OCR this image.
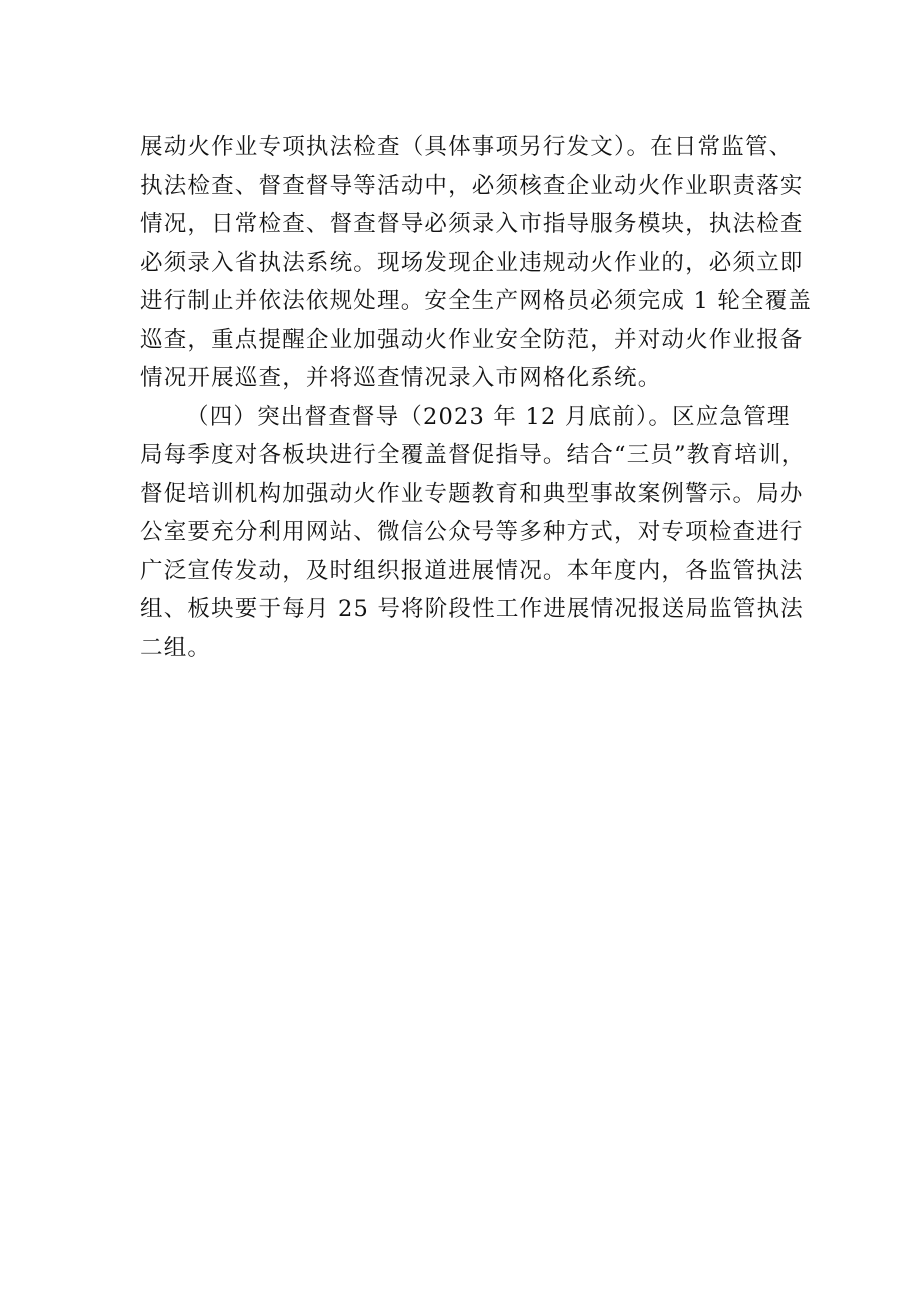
展动火作业专项执法检查（具体事项另行发文）。在日常监管、
执法检查、督查督导等活动中，必须核查企业动火作业职责落实
情况，日常检查、督查督导必须录入市指导服务模块，执法检查
必须录入省执法系统。现场发现企业违规动火作业的，必须立即
进行制止并依法依规处理。安全生产网格员必须完成 1 轮全覆盖
巡查，重点提醒企业加强动火作业安全防范，并对动火作业报备
情况开展巡查，并将巡查情况录入市网格化系统。
（四）突出督查督导（2023 年 12 月底前）。区应急管理
局每季度对各板块进行全覆盖督促指导。结合“三员”教育培训，
督促培训机构加强动火作业专题教育和典型事故案例警示。局办
公室要充分利用网站、微信公众号等多种方式，对专项检查进行
广泛宣传发动，及时组织报道进展情况。本年度内，各监管执法
组、板块要于每月 25 号将阶段性工作进展情况报送局监管执法
二组。
